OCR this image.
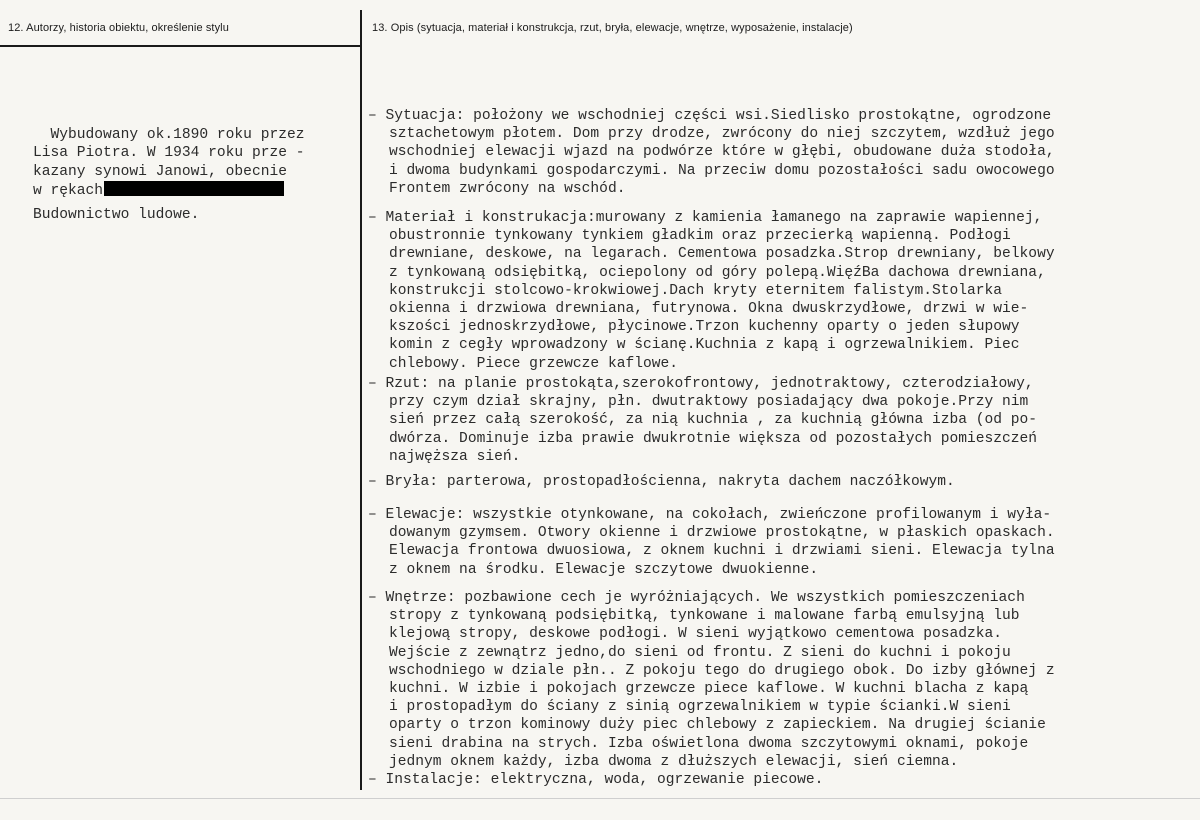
12. Autorzy, historia obiektu, określenie stylu	13. Opis (sytuacja, materiał i konstrukcja, rzut, bryła, elewacje, wnętrze, wyposażenie, instalacje)

Wybudowany ok.1890 roku przez
Lisa Piotra. W 1934 roku prze -
kazany synowi Janowi, obecnie
w rękach

Budownictwo ludowe.
– Sytuacja: położony we wschodniej części wsi.Siedlisko prostokątne, ogrodzone
sztachetowym płotem. Dom przy drodze, zwrócony do niej szczytem, wzdłuż jego
wschodniej elewacji wjazd na podwórze które w głębi, obudowane duża stodoła,
i dwoma budynkami gospodarczymi. Na przeciw domu pozostałości sadu owocowego
Frontem zwrócony na wschód.
– Materiał i konstrukacja:murowany z kamienia łamanego na zaprawie wapiennej,
obustronnie tynkowany tynkiem gładkim oraz przecierką wapienną. Podłogi
drewniane, deskowe, na legarach. Cementowa posadzka.Strop drewniany, belkowy
z tynkowaną odsiębitką, ociepolony od góry polepą.WięźBa dachowa drewniana,
konstrukcji stolcowo-krokwiowej.Dach kryty eternitem falistym.Stolarka
okienna i drzwiowa drewniana, futrynowa. Okna dwuskrzydłowe, drzwi w wie-
kszości jednoskrzydłowe, płycinowe.Trzon kuchenny oparty o jeden słupowy
komin z cegły wprowadzony w ścianę.Kuchnia z kapą i ogrzewalnikiem. Piec
chlebowy. Piece grzewcze kaflowe.
– Rzut: na planie prostokąta,szerokofrontowy, jednotraktowy, czterodziałowy,
przy czym dział skrajny, płn. dwutraktowy posiadający dwa pokoje.Przy nim
sień przez całą szerokość, za nią kuchnia , za kuchnią główna izba (od po-
dwórza. Dominuje izba prawie dwukrotnie większa od pozostałych pomieszczeń
najwęższa sień.
– Bryła: parterowa, prostopadłościenna, nakryta dachem naczółkowym.
– Elewacje: wszystkie otynkowane, na cokołach, zwieńczone profilowanym i wyła-
dowanym gzymsem. Otwory okienne i drzwiowe prostokątne, w płaskich opaskach.
Elewacja frontowa dwuosiowa, z oknem kuchni i drzwiami sieni. Elewacja tylna
z oknem na środku. Elewacje szczytowe dwuokienne.
– Wnętrze: pozbawione cech je wyróżniających. We wszystkich pomieszczeniach
stropy z tynkowaną podsiębitką, tynkowane i malowane farbą emulsyjną lub
klejową stropy, deskowe podłogi. W sieni wyjątkowo cementowa posadzka.
Wejście z zewnątrz jedno,do sieni od frontu. Z sieni do kuchni i pokoju
wschodniego w dziale płn.. Z pokoju tego do drugiego obok. Do izby głównej z
kuchni. W izbie i pokojach grzewcze piece kaflowe. W kuchni blacha z kapą
i prostopadłym do ściany z sinią ogrzewalnikiem w typie ścianki.W sieni
oparty o trzon kominowy duży piec chlebowy z zapieckiem. Na drugiej ścianie
sieni drabina na strych. Izba oświetlona dwoma szczytowymi oknami, pokoje
jednym oknem każdy, izba dwoma z dłuższych elewacji, sień ciemna.
– Instalacje: elektryczna, woda, ogrzewanie piecowe.
